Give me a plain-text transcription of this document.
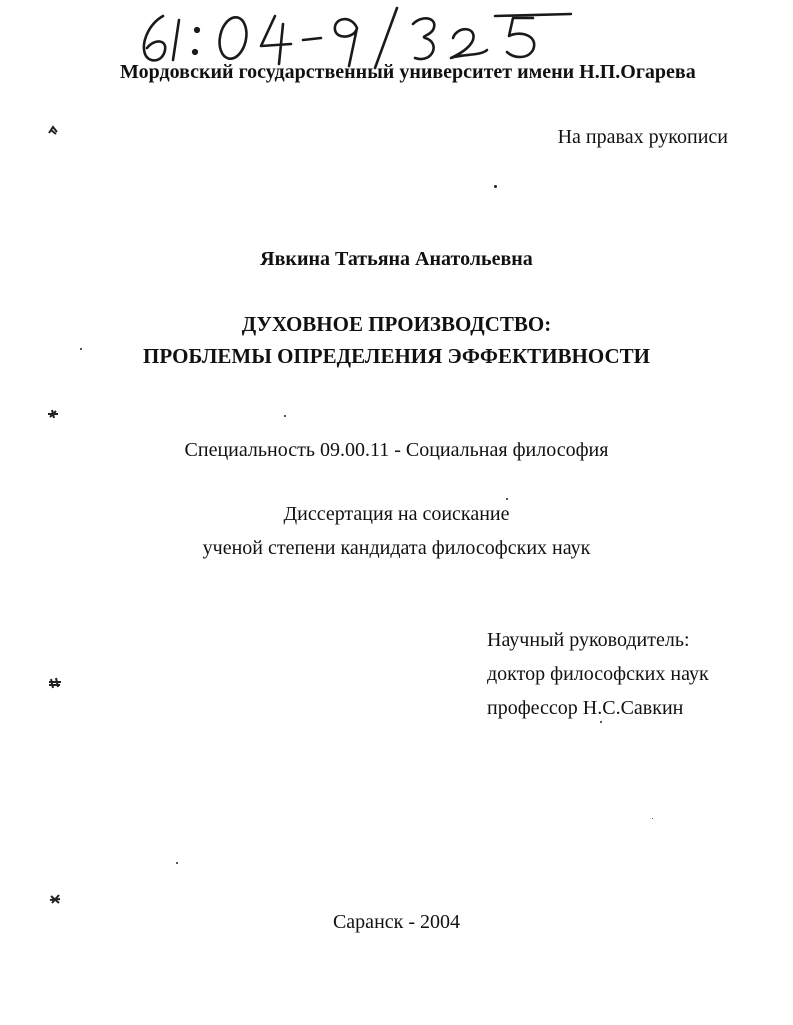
Мордовский государственный университет имени Н.П.Огарева
На правах рукописи
Явкина Татьяна Анатольевна
ДУХОВНОЕ ПРОИЗВОДСТВО:
ПРОБЛЕМЫ ОПРЕДЕЛЕНИЯ ЭФФЕКТИВНОСТИ
Специальность 09.00.11 - Социальная философия
Диссертация на соискание
ученой степени кандидата философских наук
Научный руководитель:
доктор философских наук
профессор Н.С.Савкин
Саранск - 2004
